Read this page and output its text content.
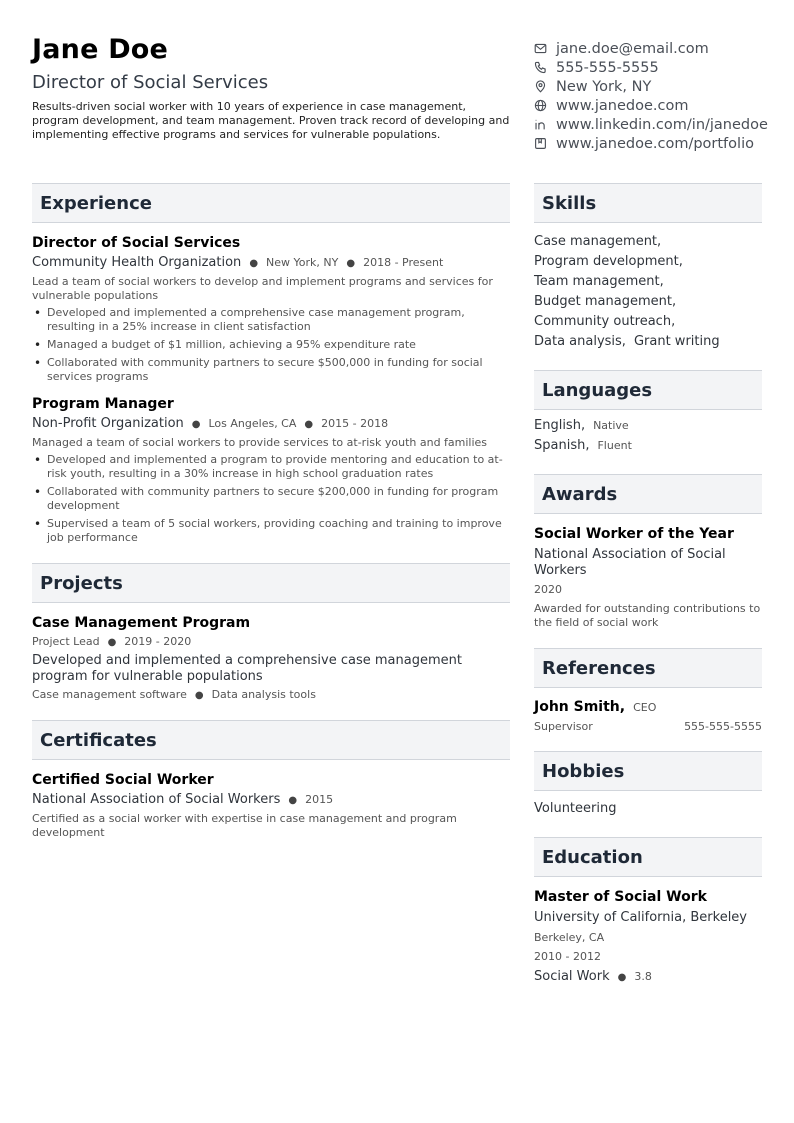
Jane Doe
Director of Social Services
Results-driven social worker with 10 years of experience in case management, program development, and team management. Proven track record of developing and implementing effective programs and services for vulnerable populations.
jane.doe@email.com
555-555-5555
New York, NY
www.janedoe.com
www.linkedin.com/in/janedoe
www.janedoe.com/portfolio
Experience
Director of Social Services
Community Health Organization ● New York, NY ● 2018 - Present
Lead a team of social workers to develop and implement programs and services for vulnerable populations
• Developed and implemented a comprehensive case management program, resulting in a 25% increase in client satisfaction
• Managed a budget of $1 million, achieving a 95% expenditure rate
• Collaborated with community partners to secure $500,000 in funding for social services programs
Program Manager
Non-Profit Organization ● Los Angeles, CA ● 2015 - 2018
Managed a team of social workers to provide services to at-risk youth and families
• Developed and implemented a program to provide mentoring and education to at-risk youth, resulting in a 30% increase in high school graduation rates
• Collaborated with community partners to secure $200,000 in funding for program development
• Supervised a team of 5 social workers, providing coaching and training to improve job performance
Projects
Case Management Program
Project Lead ● 2019 - 2020
Developed and implemented a comprehensive case management program for vulnerable populations
Case management software ● Data analysis tools
Certificates
Certified Social Worker
National Association of Social Workers ● 2015
Certified as a social worker with expertise in case management and program development
Skills
Case management,
Program development,
Team management,
Budget management,
Community outreach,
Data analysis, Grant writing
Languages
English, Native
Spanish, Fluent
Awards
Social Worker of the Year
National Association of Social Workers
2020
Awarded for outstanding contributions to the field of social work
References
John Smith, CEO
Supervisor	555-555-5555
Hobbies
Volunteering
Education
Master of Social Work
University of California, Berkeley
Berkeley, CA
2010 - 2012
Social Work ● 3.8
